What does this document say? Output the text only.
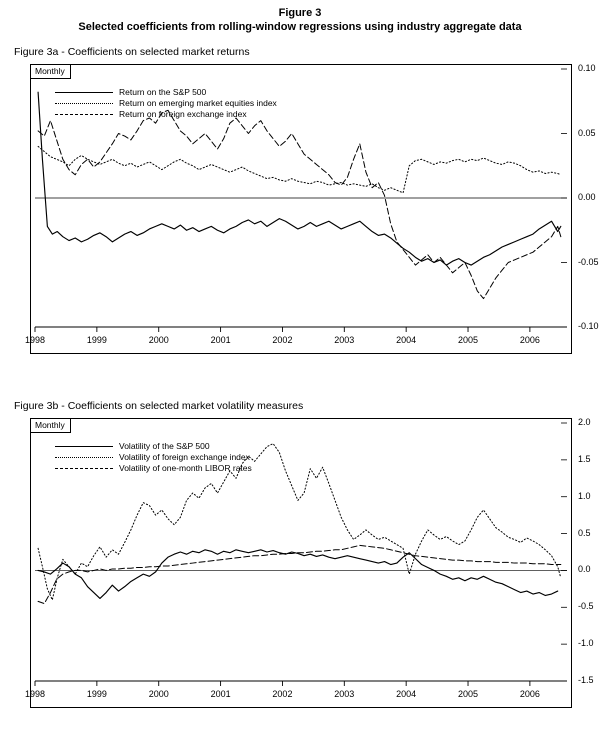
Figure 3
Selected coefficients from rolling-window regressions using industry aggregate data
Figure 3a - Coefficients on selected market returns
Monthly
Return on the S&P 500
Return on emerging market equities index
Return on foreign exchange index
0.10
0.05
0.00
-0.05
-0.10
1998	1999	2000	2001	2002	2003	2004	2005	2006
Figure 3b - Coefficients on selected market volatility measures
Monthly
Volatility of the S&P 500
Volatility of foreign exchange index
Volatility of one-month LIBOR rates
2.0
1.5
1.0
0.5
0.0
-0.5
-1.0
-1.5
1998	1999	2000	2001	2002	2003	2004	2005	2006
